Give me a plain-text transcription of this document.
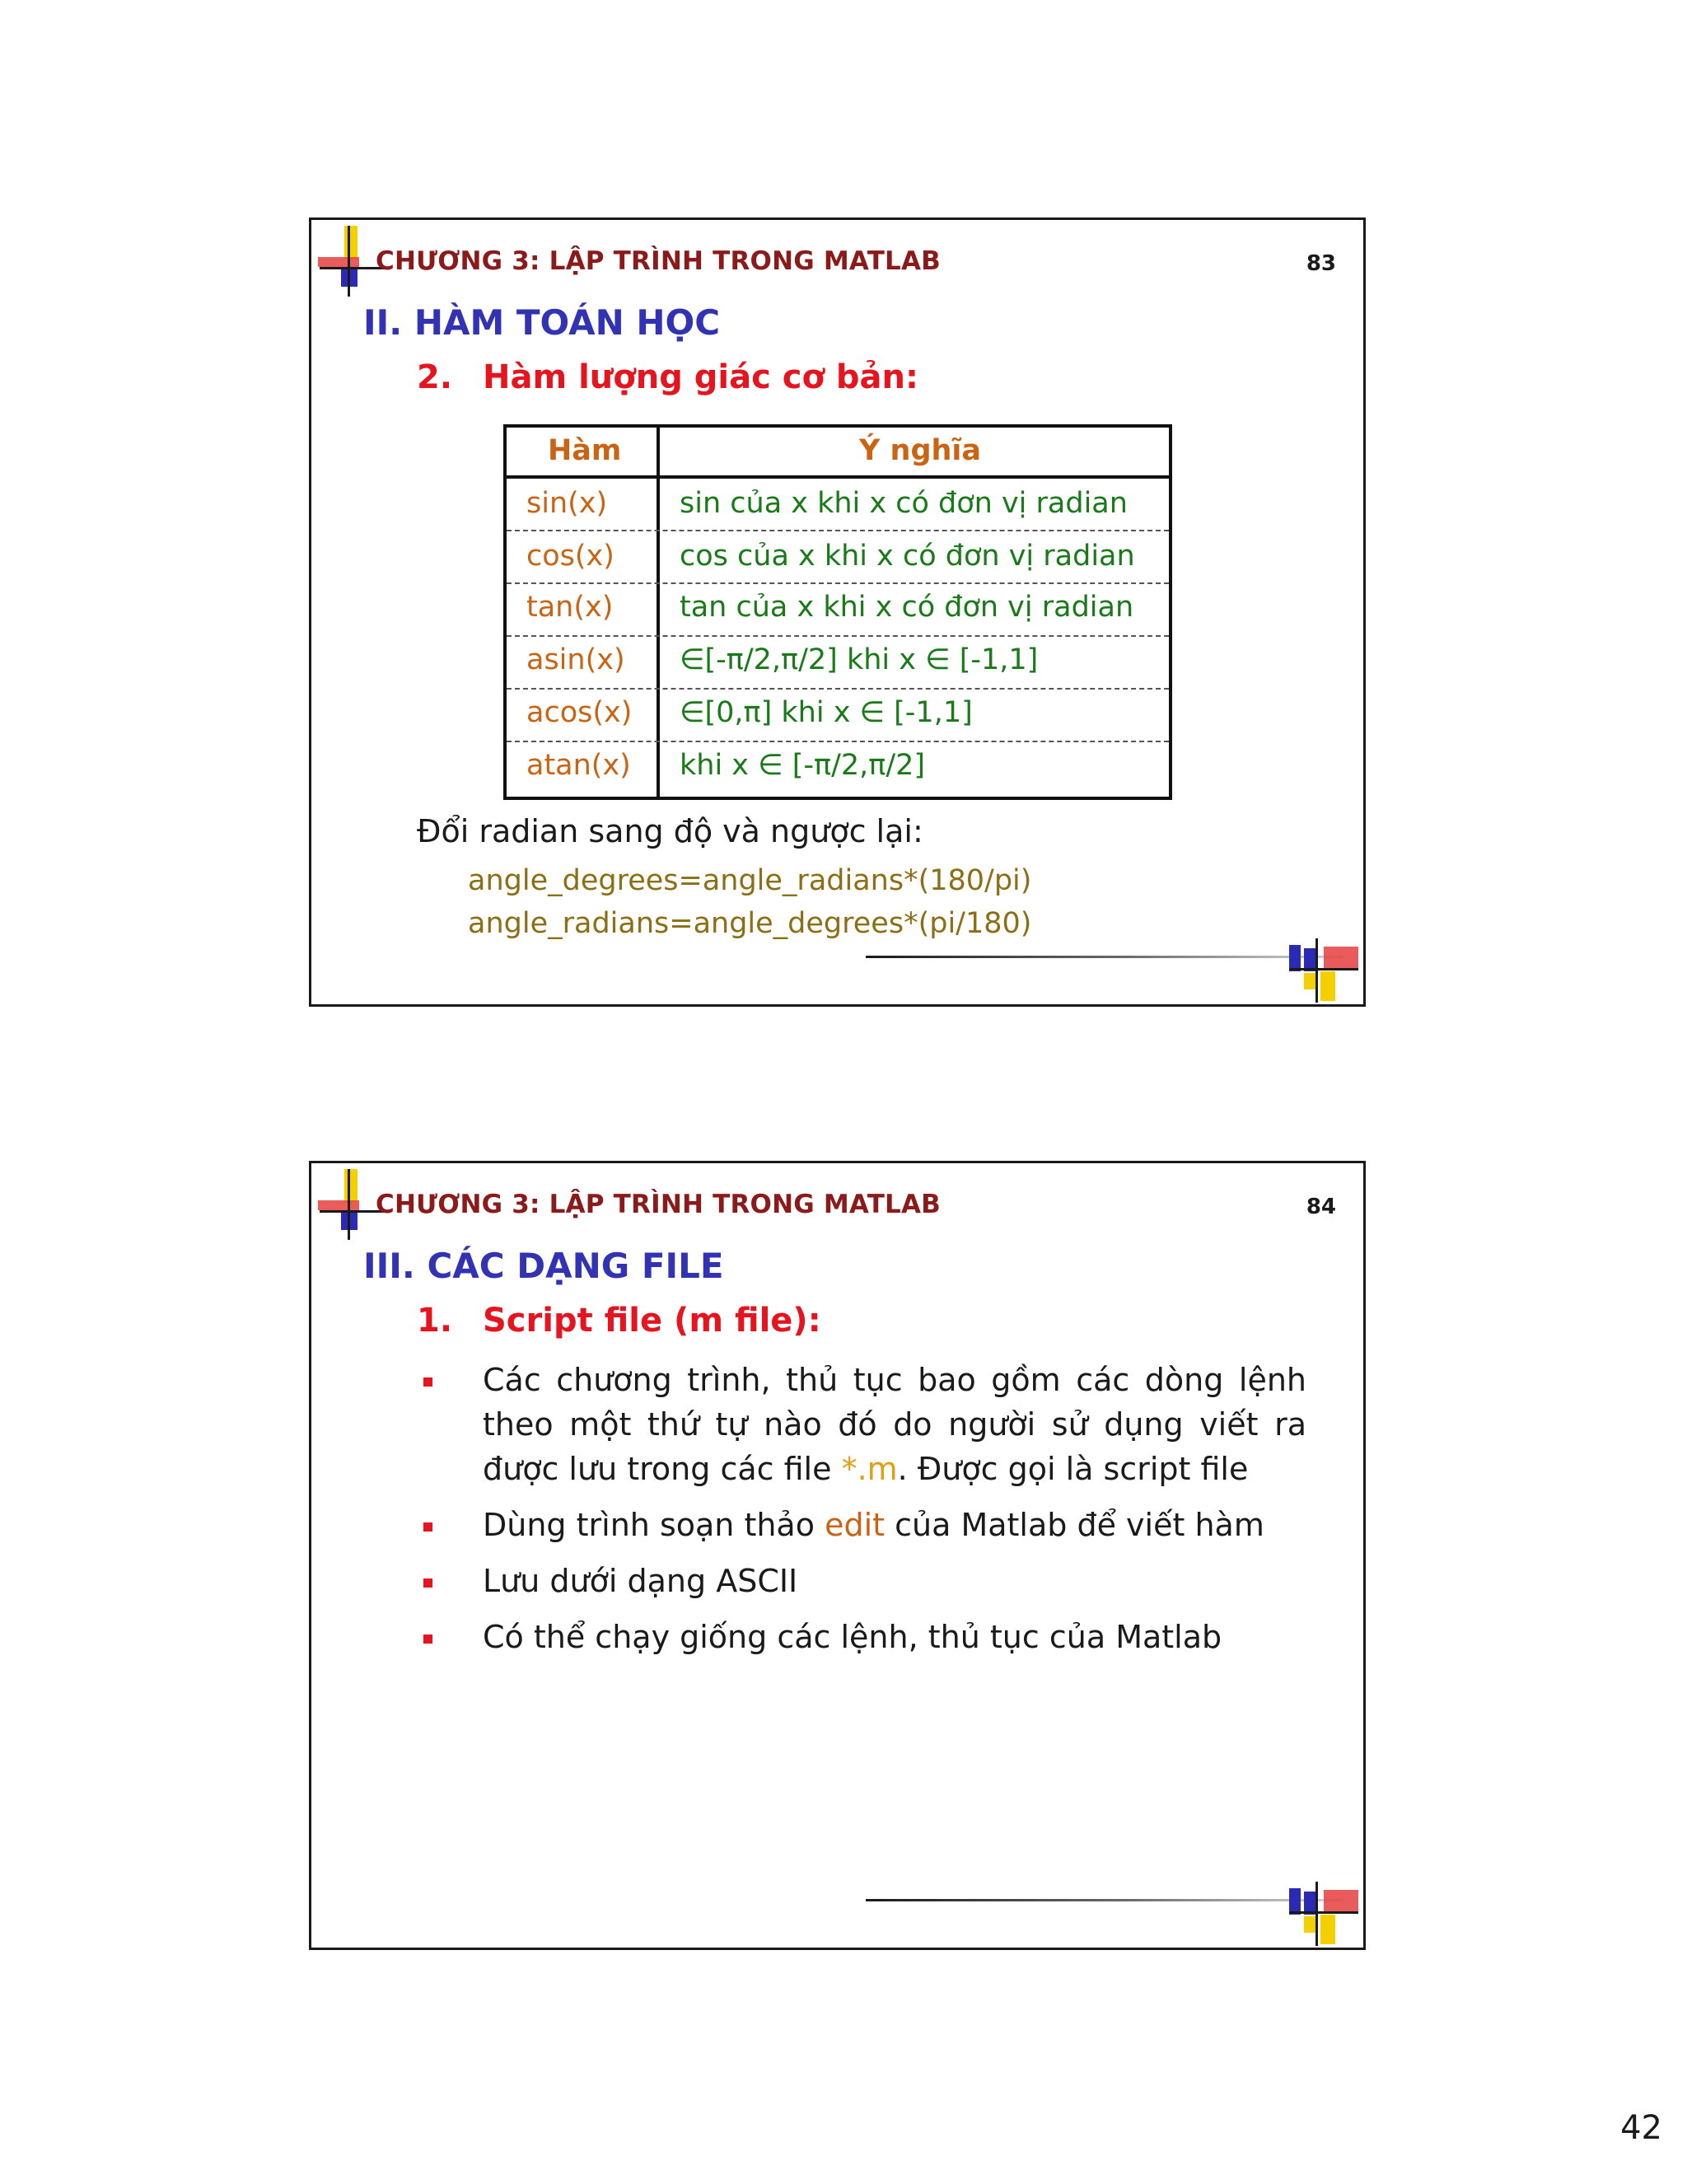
CHƯƠNG 3: LẬP TRÌNH TRONG MATLAB	83
II. HÀM TOÁN HỌC
2. Hàm lượng giác cơ bản:
Hàm	Ý nghĩa
sin(x)	sin của x khi x có đơn vị radian
cos(x) cos của x khi x có đơn vị radian
tan(x) tan của x khi x có đơn vị radian
asin(x) ∈[-π/2,π/2] khi x ∈ [-1,1]
acos(x) ∈[0,π] khi x ∈ [-1,1]
atan(x) khi x ∈ [-π/2,π/2]
Đổi radian sang độ và ngược lại:
angle_degrees=angle_radians*(180/pi)
angle_radians=angle_degrees*(pi/180)
CHƯƠNG 3: LẬP TRÌNH TRONG MATLAB	84
III. CÁC DẠNG FILE
1. Script file (m file):
Các chương trình, thủ tục bao gồm các dòng lệnh theo một thứ tự nào đó do người sử dụng viết ra được lưu trong các file *.m. Được gọi là script file
Dùng trình soạn thảo edit của Matlab để viết hàm
Lưu dưới dạng ASCII
Có thể chạy giống các lệnh, thủ tục của Matlab
42
